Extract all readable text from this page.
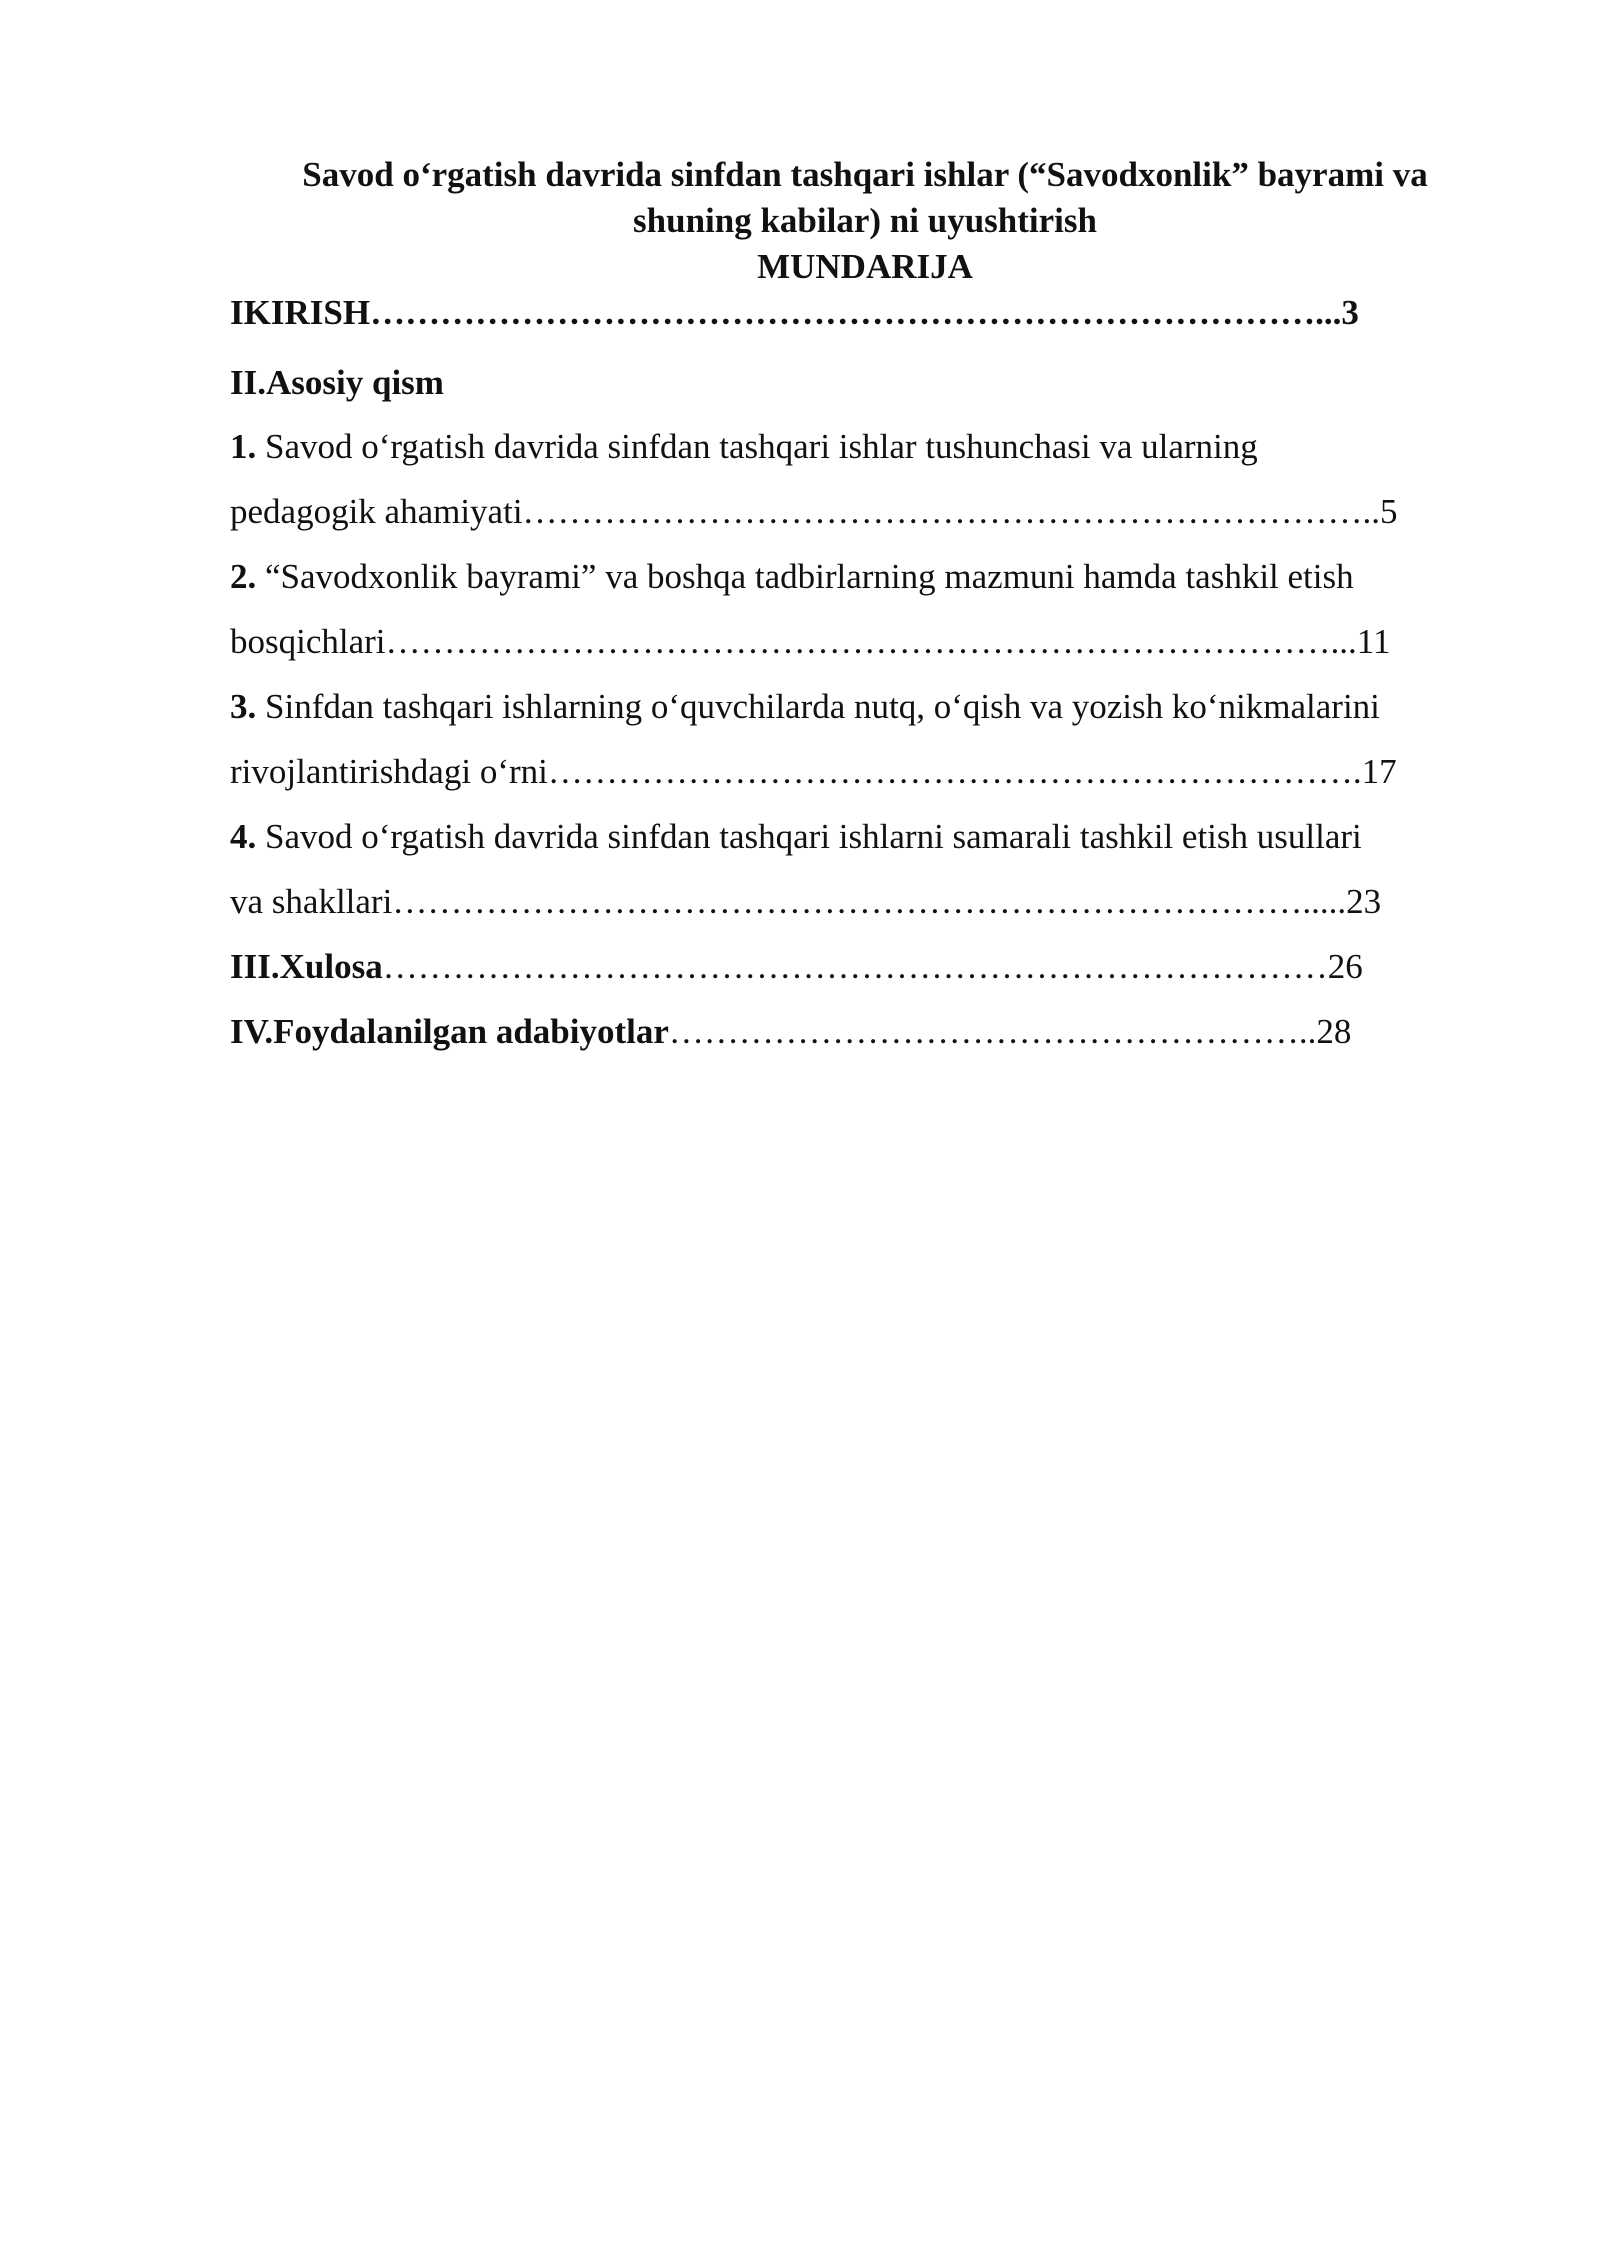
Savod o‘rgatish davrida sinfdan tashqari ishlar (“Savodxonlik” bayrami va
shuning kabilar) ni uyushtirish
MUNDARIJA
IKIRISH………………………………………………………………………...3
II.Asosiy qism
1. Savod o‘rgatish davrida sinfdan tashqari ishlar tushunchasi va ularning
pedagogik ahamiyati………………………………………………………………..5
2. “Savodxonlik bayrami” va boshqa tadbirlarning mazmuni hamda tashkil etish
bosqichlari………………………………………………………………………...11
3. Sinfdan tashqari ishlarning o‘quvchilarda nutq, o‘qish va yozish ko‘nikmalarini
rivojlantirishdagi o‘rni…………………………………………………………….17
4. Savod o‘rgatish davrida sinfdan tashqari ishlarni samarali tashkil etish usullari
va shakllari…………………………………………………………………….....23
III.Xulosa………………………………………………………………………26
IV.Foydalanilgan adabiyotlar………………………………………………..28
